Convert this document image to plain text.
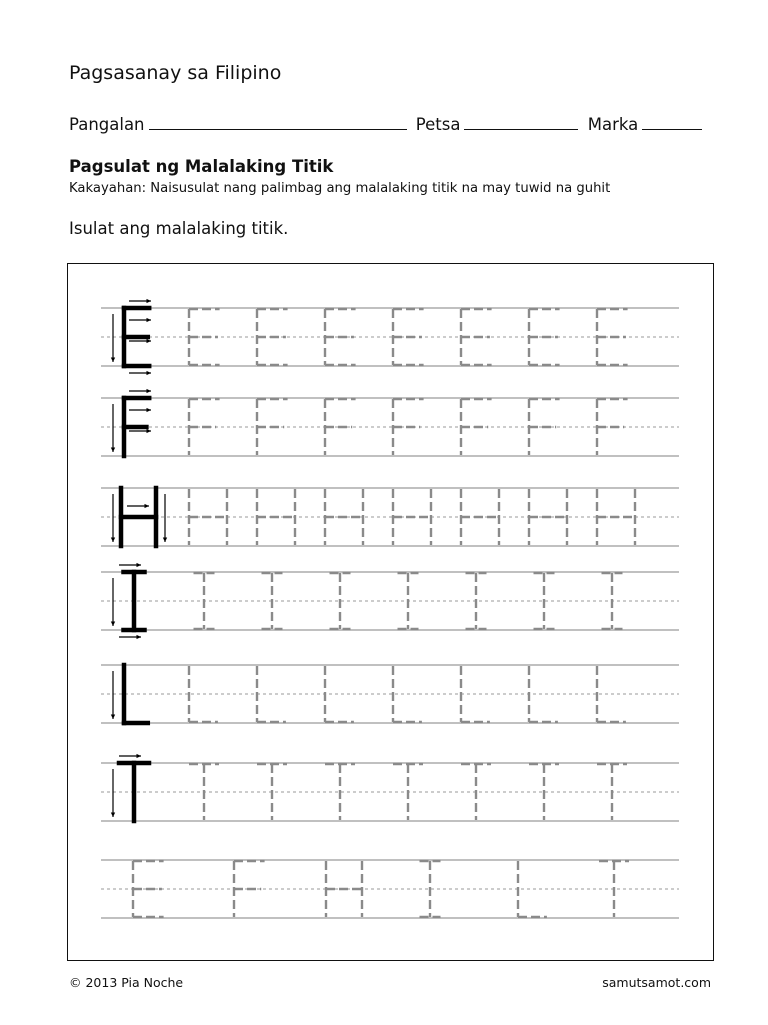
Pagsasanay sa Filipino
Pangalan	Petsa	Marka
Pagsulat ng Malalaking Titik
Kakayahan: Naisusulat nang palimbag ang malalaking titik na may tuwid na guhit
Isulat ang malalaking titik.
© 2013 Pia Noche	samutsamot.com
